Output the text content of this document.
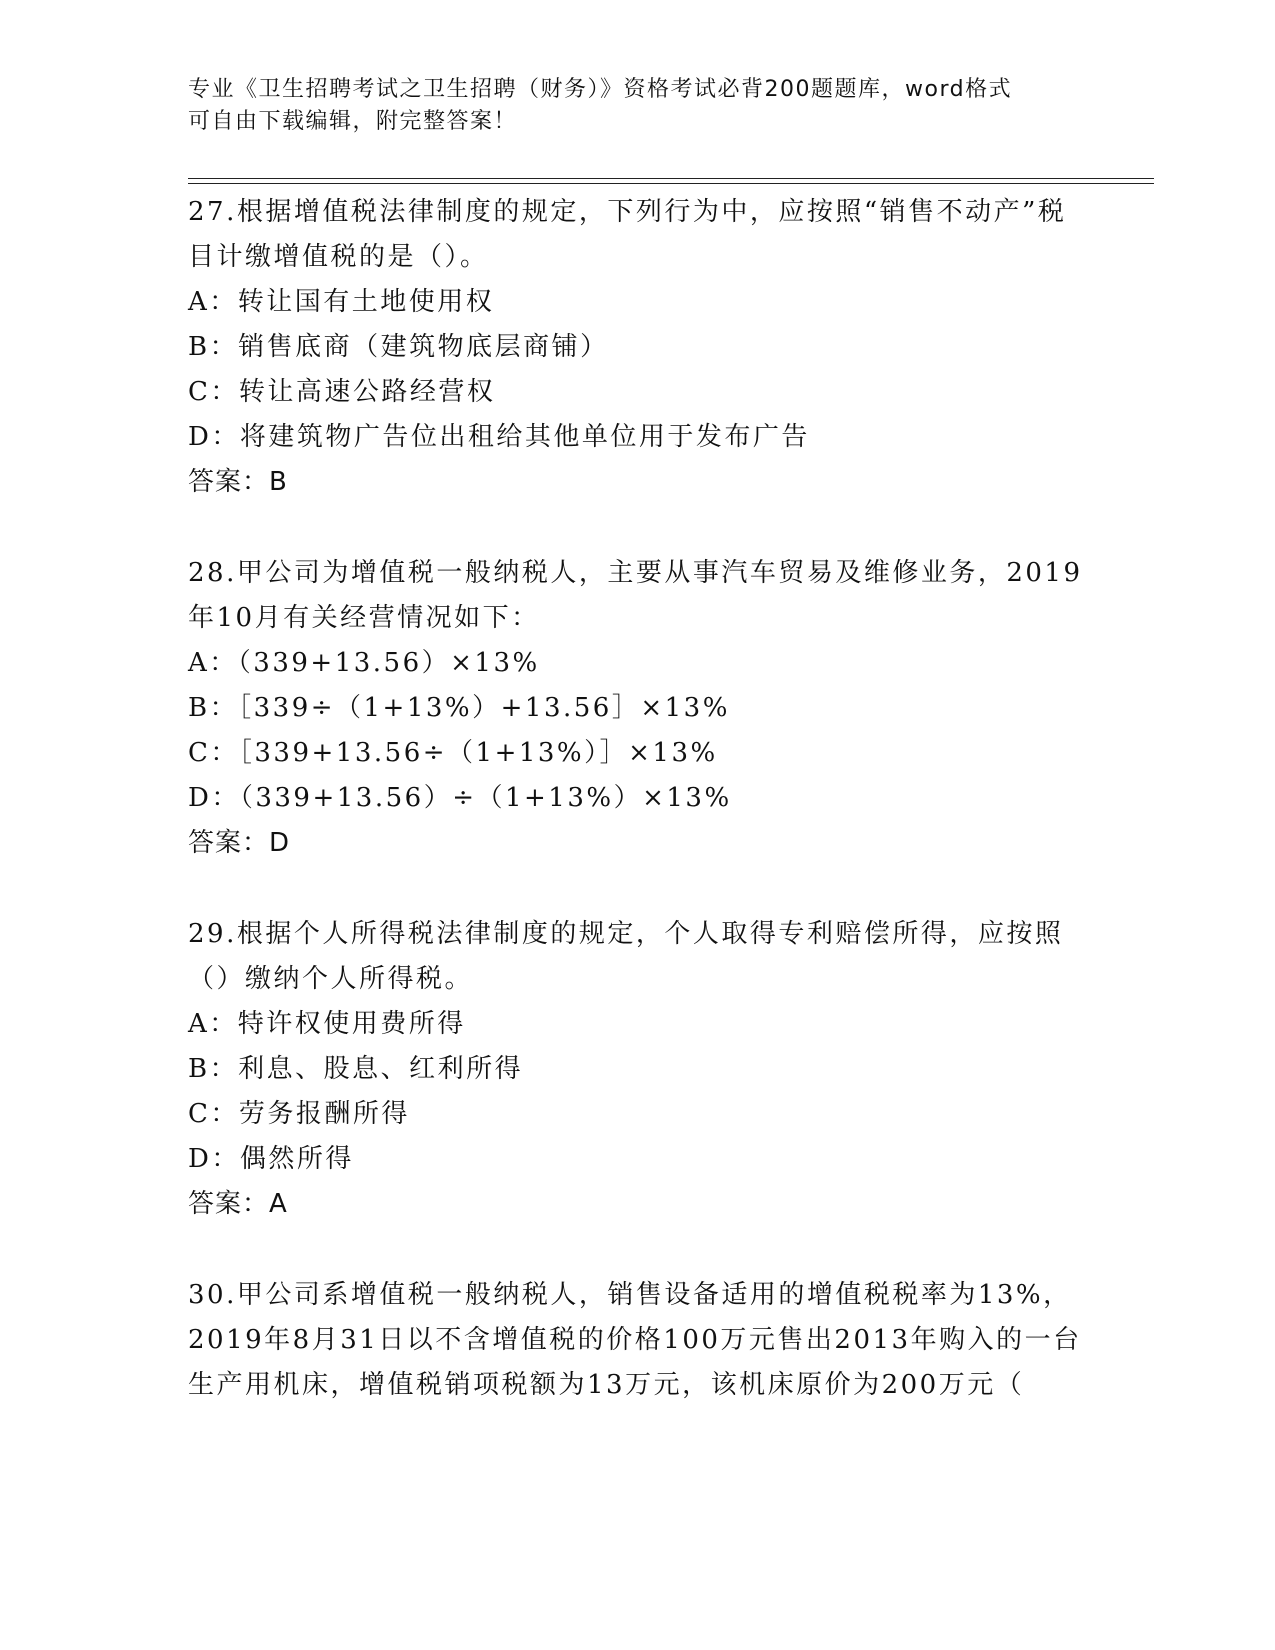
专业《卫生招聘考试之卫生招聘（财务）》资格考试必背200题题库，word格式
可自由下载编辑，附完整答案！

27.根据增值税法律制度的规定，下列行为中，应按照“销售不动产”税目计缴增值税的是（）。

A：转让国有土地使用权

B：销售底商（建筑物底层商铺）

C：转让高速公路经营权

D：将建筑物广告位出租给其他单位用于发布广告

答案：B

28.甲公司为增值税一般纳税人，主要从事汽车贸易及维修业务，2019年10月有关经营情况如下：

A：（339+13.56）×13%

B：［339÷（1+13%）+13.56］×13%

C：［339+13.56÷（1+13%）］×13%

D：（339+13.56）÷（1+13%）×13%

答案：D

29.根据个人所得税法律制度的规定，个人取得专利赔偿所得，应按照（）缴纳个人所得税。

A：特许权使用费所得

B：利息、股息、红利所得

C：劳务报酬所得

D：偶然所得

答案：A

30.甲公司系增值税一般纳税人，销售设备适用的增值税税率为13%，2019年8月31日以不含增值税的价格100万元售出2013年购入的一台生产用机床，增值税销项税额为13万元，该机床原价为200万元（
